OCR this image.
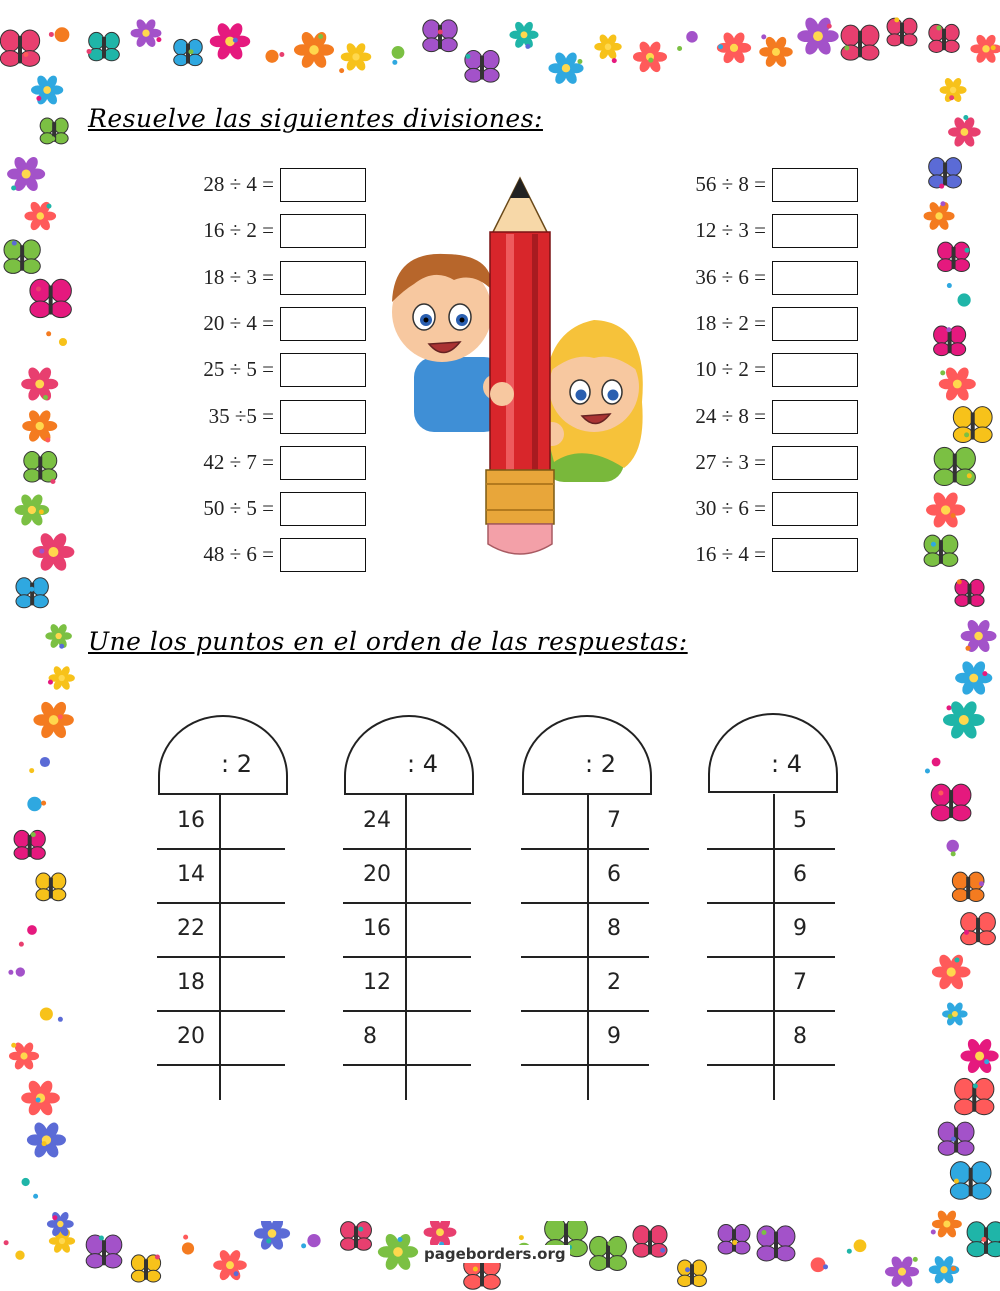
Resuelve las siguientes divisiones:
28 ÷ 4 =
16 ÷ 2 =
18 ÷ 3 =
20 ÷ 4 =
25 ÷ 5 =
35 ÷5 =
42 ÷ 7 =
50 ÷ 5 =
48 ÷ 6 =
56 ÷ 8 =
12 ÷ 3 =
36 ÷ 6 =
18 ÷ 2 =
10 ÷ 2 =
24 ÷ 8 =
27 ÷ 3 =
30 ÷ 6 =
16 ÷ 4 =
Une los puntos en el orden de las respuestas:
: 2
16
14
22
18
20
: 4
24
20
16
12
8
: 2
7
6
8
2
9
: 4
5
6
9
7
8
pageborders.org
